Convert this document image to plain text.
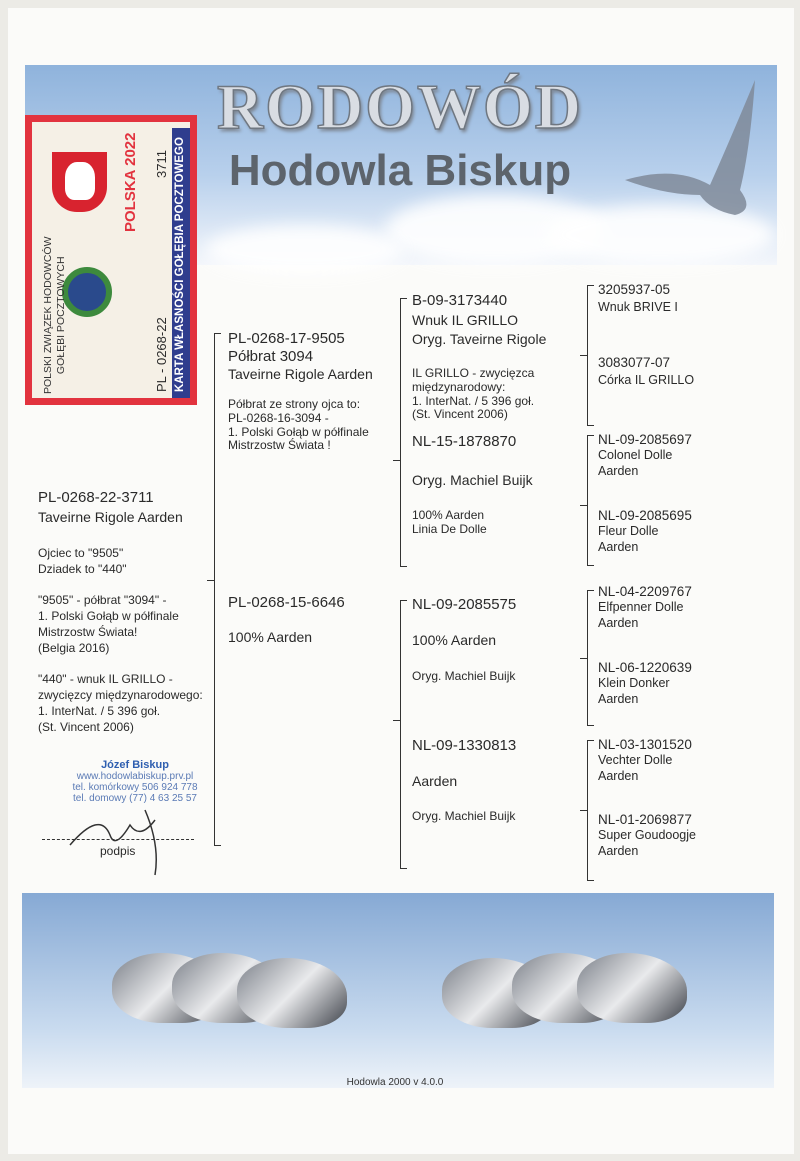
RODOWÓD
Hodowla Biskup
POLSKI ZWIĄZEK HODOWCÓW GOŁĘBI POCZTOWYCH
POLSKA 2022 3711
PL - 0268-22 KARTA WŁASNOŚCI GOŁĘBIA POCZTOWEGO
PL-0268-22-3711
Taveirne Rigole Aarden
Ojciec to "9505"
Dziadek to "440"

"9505" - półbrat "3094" -
1. Polski Gołąb w półfinale
Mistrzostw Świata!
(Belgia 2016)

"440" - wnuk IL GRILLO -
zwycięzcy międzynarodowego:
1. InterNat. / 5 396 goł.
(St. Vincent 2006)
Józef Biskup
www.hodowlabiskup.prv.pl
tel. komórkowy 506 924 778
tel. domowy (77) 4 63 25 57
podpis
PL-0268-17-9505
Półbrat 3094
Taveirne Rigole Aarden
Półbrat ze strony ojca to:
PL-0268-16-3094 -
1. Polski Gołąb w półfinale
Mistrzostw Świata !
PL-0268-15-6646
100% Aarden
B-09-3173440
Wnuk IL GRILLO
Oryg. Taveirne Rigole
IL GRILLO - zwycięzca
międzynarodowy:
1. InterNat. / 5 396 goł.
(St. Vincent 2006)
NL-15-1878870
Oryg. Machiel Buijk
100% Aarden
Linia De Dolle
NL-09-2085575
100% Aarden
Oryg. Machiel Buijk
NL-09-1330813
Aarden
Oryg. Machiel Buijk
3205937-05
Wnuk BRIVE I
3083077-07
Córka IL GRILLO
NL-09-2085697
Colonel Dolle
Aarden
NL-09-2085695
Fleur Dolle
Aarden
NL-04-2209767
Elfpenner Dolle
Aarden
NL-06-1220639
Klein Donker
Aarden
NL-03-1301520
Vechter Dolle
Aarden
NL-01-2069877
Super Goudoogje
Aarden
Hodowla 2000 v 4.0.0
